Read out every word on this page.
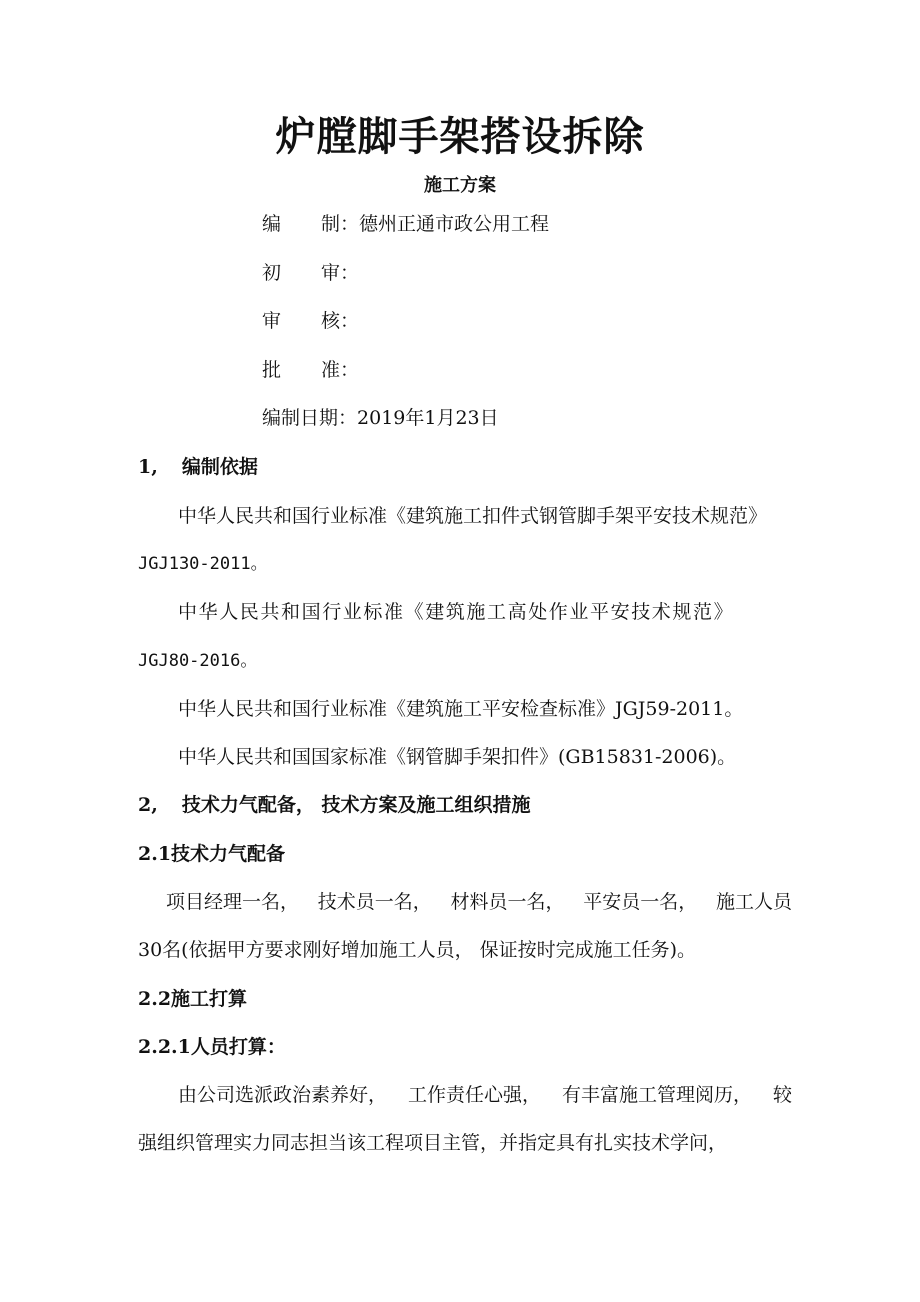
炉膛脚手架搭设拆除
施工方案
编 制：德州正通市政公用工程
初 审：
审 核：
批 准：
编制日期：2019年1月23日
1, 编制依据
中华人民共和国行业标准《建筑施工扣件式钢管脚手架平安技术规范》
JGJ130-2011。
中华人民共和国行业标准《建筑施工高处作业平安技术规范》
JGJ80-2016。
中华人民共和国行业标准《建筑施工平安检查标准》JGJ59-2011。
中华人民共和国国家标准《钢管脚手架扣件》(GB15831-2006)。
2, 技术力气配备， 技术方案及施工组织措施
2.1技术力气配备
项目经理一名， 技术员一名， 材料员一名， 平安员一名， 施工人员
30名(依据甲方要求刚好增加施工人员， 保证按时完成施工任务)。
2.2施工打算
2.2.1人员打算：
由公司选派政治素养好， 工作责任心强， 有丰富施工管理阅历， 较
强组织管理实力同志担当该工程项目主管，并指定具有扎实技术学问，
